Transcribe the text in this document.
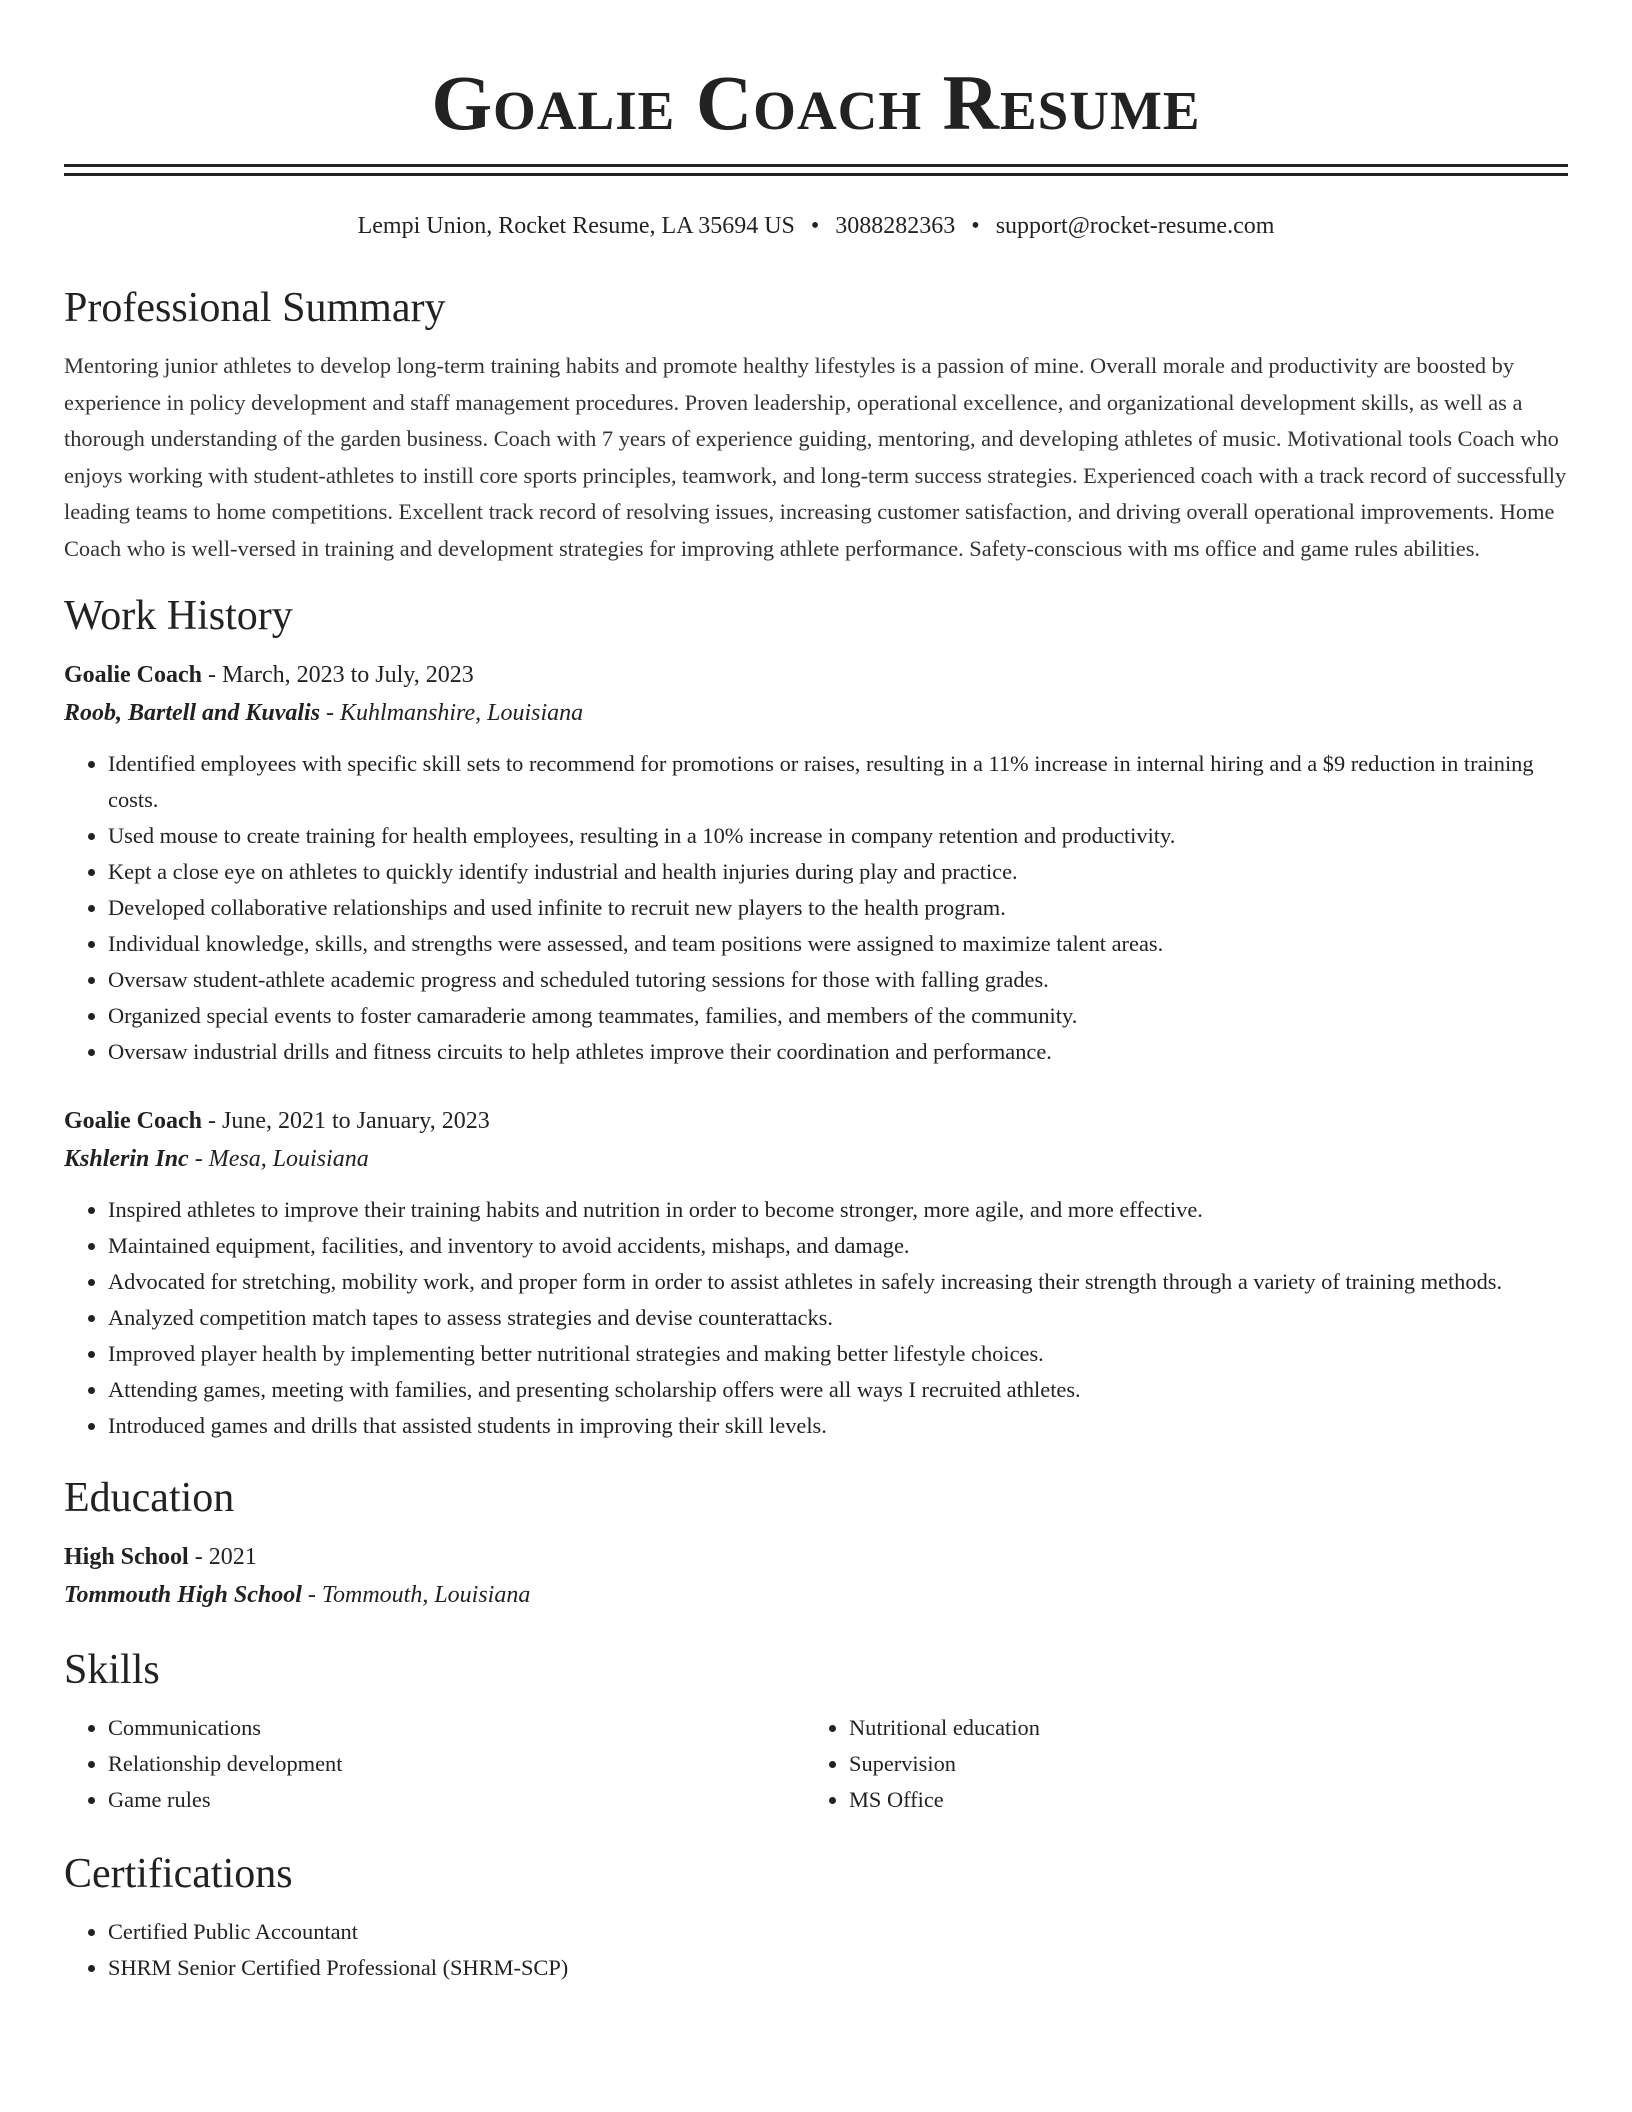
Goalie Coach Resume
Lempi Union, Rocket Resume, LA 35694 US • 3088282363 • support@rocket-resume.com
Professional Summary

Mentoring junior athletes to develop long-term training habits and promote healthy lifestyles is a passion of mine. Overall morale and productivity are boosted by experience in policy development and staff management procedures. Proven leadership, operational excellence, and organizational development skills, as well as a thorough understanding of the garden business. Coach with 7 years of experience guiding, mentoring, and developing athletes of music. Motivational tools Coach who enjoys working with student-athletes to instill core sports principles, teamwork, and long-term success strategies. Experienced coach with a track record of successfully leading teams to home competitions. Excellent track record of resolving issues, increasing customer satisfaction, and driving overall operational improvements. Home Coach who is well-versed in training and development strategies for improving athlete performance. Safety-conscious with ms office and game rules abilities.

Work History
Goalie Coach - March, 2023 to July, 2023
Roob, Bartell and Kuvalis - Kuhlmanshire, Louisiana
• Identified employees with specific skill sets to recommend for promotions or raises, resulting in a 11% increase in internal hiring and a $9 reduction in training costs.
• Used mouse to create training for health employees, resulting in a 10% increase in company retention and productivity.
• Kept a close eye on athletes to quickly identify industrial and health injuries during play and practice.
• Developed collaborative relationships and used infinite to recruit new players to the health program.
• Individual knowledge, skills, and strengths were assessed, and team positions were assigned to maximize talent areas.
• Oversaw student-athlete academic progress and scheduled tutoring sessions for those with falling grades.
• Organized special events to foster camaraderie among teammates, families, and members of the community.
• Oversaw industrial drills and fitness circuits to help athletes improve their coordination and performance.
Goalie Coach - June, 2021 to January, 2023
Kshlerin Inc - Mesa, Louisiana
• Inspired athletes to improve their training habits and nutrition in order to become stronger, more agile, and more effective.
• Maintained equipment, facilities, and inventory to avoid accidents, mishaps, and damage.
• Advocated for stretching, mobility work, and proper form in order to assist athletes in safely increasing their strength through a variety of training methods.
• Analyzed competition match tapes to assess strategies and devise counterattacks.
• Improved player health by implementing better nutritional strategies and making better lifestyle choices.
• Attending games, meeting with families, and presenting scholarship offers were all ways I recruited athletes.
• Introduced games and drills that assisted students in improving their skill levels.
Education
High School - 2021
Tommouth High School - Tommouth, Louisiana
Skills
• Communications
• Relationship development
• Game rules
• Nutritional education
• Supervision
• MS Office
Certifications
• Certified Public Accountant
• SHRM Senior Certified Professional (SHRM-SCP)
